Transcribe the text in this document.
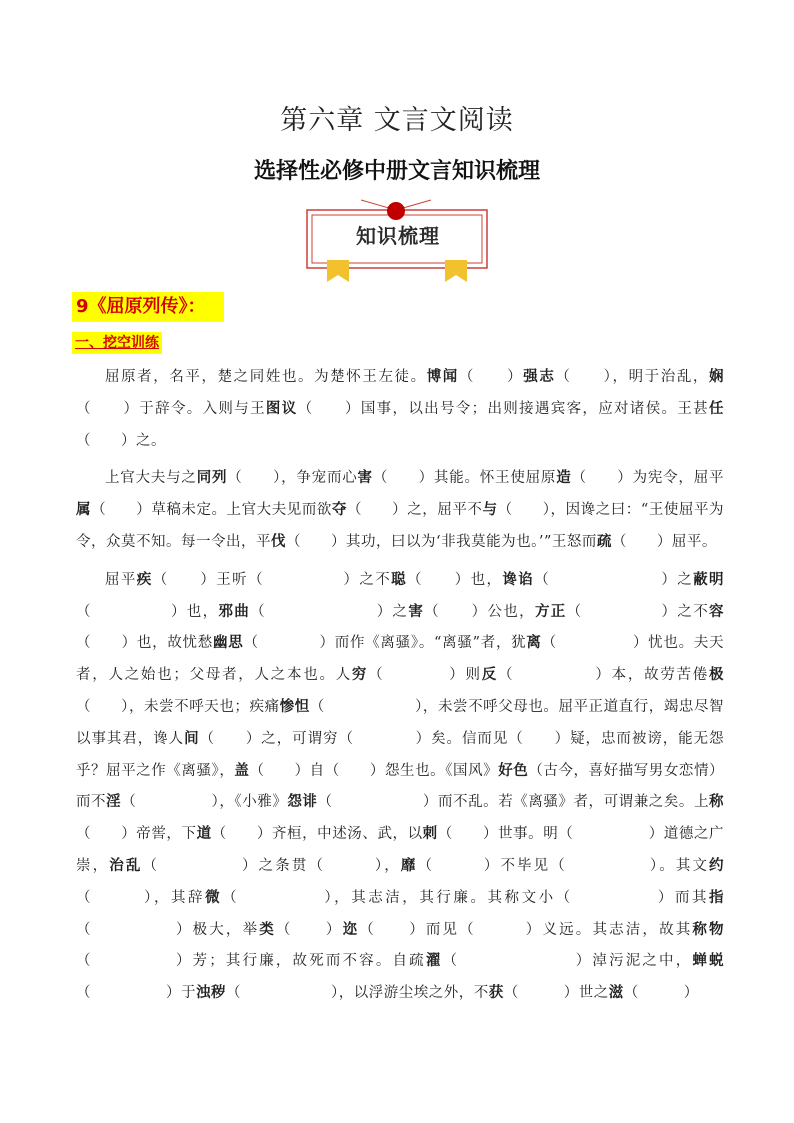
第六章 文言文阅读
选择性必修中册文言知识梳理
知识梳理
9《屈原列传》：
一、挖空训练

屈原者，名平，楚之同姓也。为楚怀王左徒。博闻（　　）强志（　　），明于治乱，娴（　　）于辞令。入则与王图议（　　）国事，以出号令；出则接遇宾客，应对诸侯。王甚任（　　）之。

上官大夫与之同列（　　），争宠而心害（　　）其能。怀王使屈原造（　　）为宪令，屈平属（　　）草稿未定。上官大夫见而欲夺（　　）之，屈平不与（　　），因谗之曰：“王使屈平为令，众莫不知。每一令出，平伐（　　）其功，曰以为‘非我莫能为也。’”王怒而疏（　　）屈平。

屈平疾（　　）王听（　　　　　）之不聪（　　）也，谗谄（　　　　　　　）之蔽明（　　　　　）也，邪曲（　　　　　　　）之害（　　）公也，方正（　　　　　）之不容（　　）也，故忧愁幽思（　　　　）而作《离骚》。“离骚”者，犹离（　　　　　）忧也。夫天者，人之始也；父母者，人之本也。人穷（　　　　）则反（　　　　　）本，故劳苦倦极（　　），未尝不呼天也；疾痛惨怛（　　　　　　），未尝不呼父母也。屈平正道直行，竭忠尽智以事其君，谗人间（　　）之，可谓穷（　　　　）矣。信而见（　　）疑，忠而被谤，能无怨乎？屈平之作《离骚》，盖（　　）自（　　）怨生也。《国风》好色（古今，喜好描写男女恋情）而不淫（　　　　　），《小雅》怨诽（　　　　　　）而不乱。若《离骚》者，可谓兼之矣。上称（　　）帝喾，下道（　　）齐桓，中述汤、武，以刺（　　）世事。明（　　　　　）道德之广崇，治乱（　　　　　）之条贯（　　　），靡（　　　）不毕见（　　　　　）。其文约（　　　），其辞微（　　　　　），其志洁，其行廉。其称文小（　　　　　）而其指（　　　　　）极大，举类（　　）迩（　　）而见（　　　）义远。其志洁，故其称物（　　　　　）芳；其行廉，故死而不容。自疏濯（　　　　　　　）淖污泥之中，蝉蜕（　　　　　）于浊秽（　　　　　　），以浮游尘埃之外，不获（　　　）世之滋（　　　）
